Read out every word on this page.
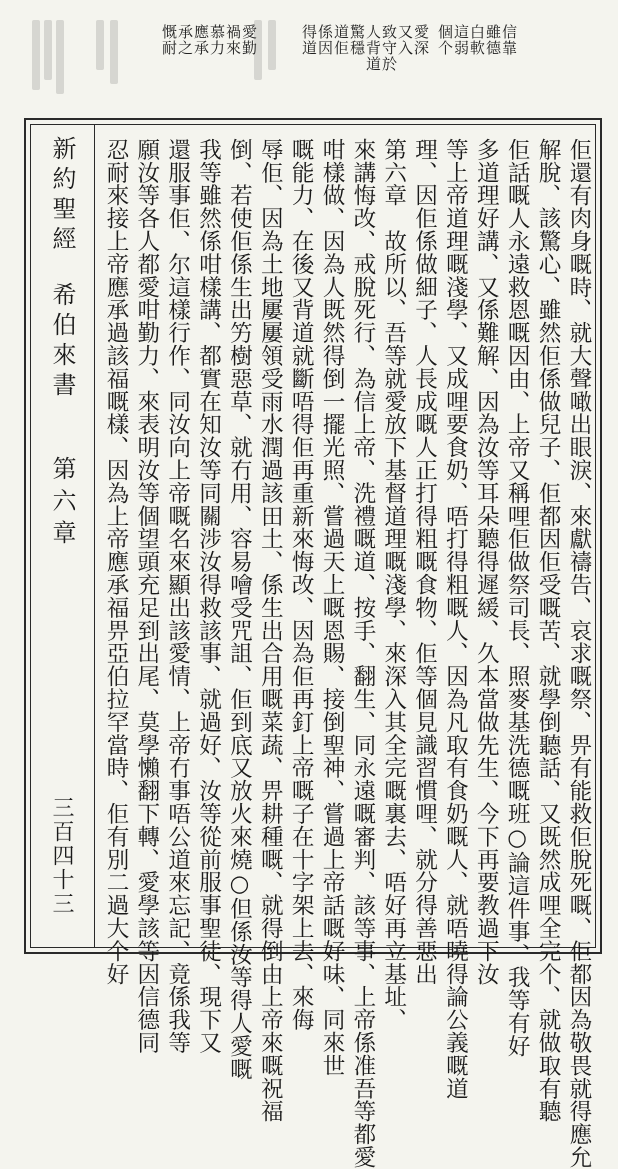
信靠
雖德
白軟
這弱
個个
愛深
又入
致守於
人背道
驚穩
道佢
係因
得道
愛勤
禍來
慕力
應承
承之
慨耐
新約聖經
希伯來書
第六章
三百四十三	佢還有肉身嘅時、就大聲噉出眼淚、來獻禱告、哀求嘅祭、畀有能救佢脫死嘅、佢都因為敬畏就得應允
解脫、該驚心、雖然佢係做兒子、佢都因佢受嘅苦、就學倒聽話、又既然成哩全完个、就做取有聽
佢話嘅人永遠救恩嘅因由、上帝又稱哩佢做祭司長、照麥基洗德嘅班○論這件事、我等有好
多道理好講、又係難解、因為汝等耳朵聽得遲緩、久本當做先生、今下再要教過下汝
等上帝道理嘅淺學、又成哩要食奶、唔打得粗嘅人、因為凡取有食奶嘅人、就唔曉得論公義嘅道
理、因佢係做細子、人長成嘅人正打得粗嘅食物、佢等個見識習慣哩、就分得善惡出
第六章　故所以、吾等就愛放下基督道理嘅淺學、來深入其全完嘅裏去、唔好再立基址、
來講悔改、戒脫死行、為信上帝、洗禮嘅道、按手、翻生、同永遠嘅審判、該等事、上帝係准吾等都愛
咁樣做、因為人既然得倒一擺光照、嘗過天上嘅恩賜、接倒聖神、嘗過上帝話嘅好味、同來世
嘅能力、在後又背道就斷唔得佢再重新來悔改、因為佢再釘上帝嘅子在十字架上去、來侮
辱佢、因為土地屢屢領受雨水潤過該田土、係生出合用嘅菜蔬、畀耕種嘅、就得倒由上帝來嘅祝福
倒、若使佢係生出竻樹惡草、就冇用、容易噲受咒詛、佢到底又放火來燒○但係汝等得人愛嘅
我等雖然係咁樣講、都實在知汝等同關涉汝得救該事、就過好、汝等從前服事聖徒、現下又
還服事佢、尔這樣行作、同汝向上帝嘅名來顯出該愛情、上帝冇事唔公道來忘記、竟係我等
願汝等各人都愛咁勤力、來表明汝等個望頭充足到出尾、莫學懶翻下轉、愛學該等因信德同
忍耐來接上帝應承過該福嘅樣、因為上帝應承福畀亞伯拉罕當時、佢有別二過大个好
